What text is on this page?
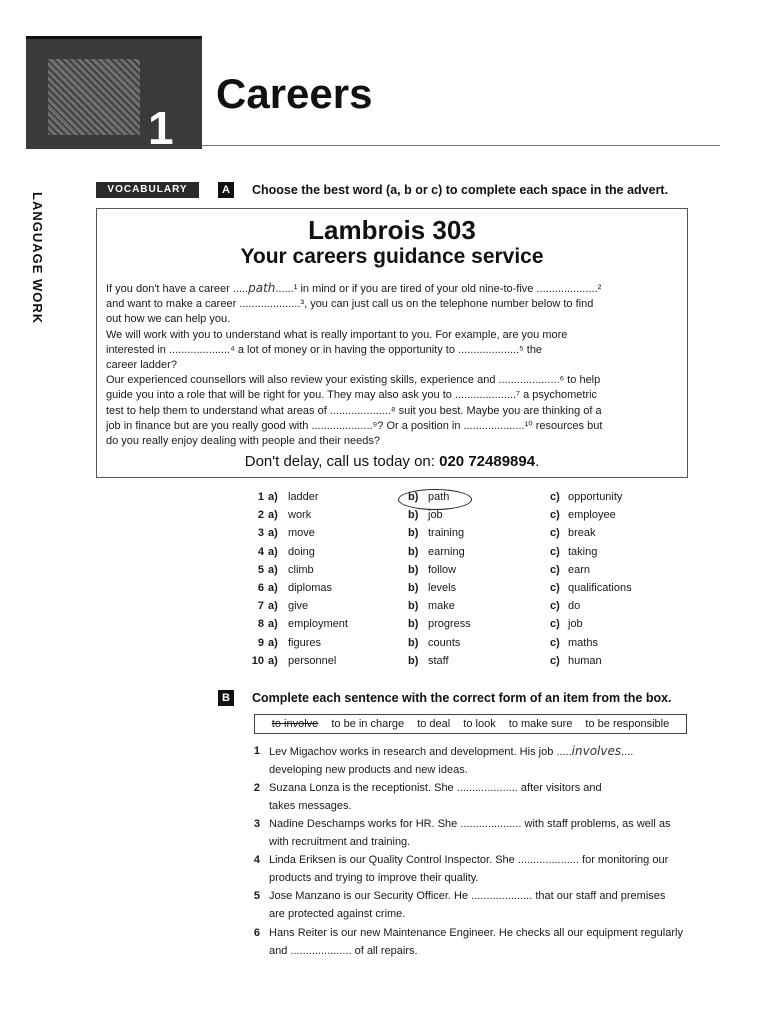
1
Careers
LANGUAGE WORK
VOCABULARY	A	Choose the best word (a, b or c) to complete each space in the advert.
Lambrois 303
Your careers guidance service
If you don't have a career .....path......¹ in mind or if you are tired of your old nine-to-five ....................²
and want to make a career ....................³, you can just call us on the telephone number below to find
out how we can help you.
We will work with you to understand what is really important to you. For example, are you more
interested in ....................⁴ a lot of money or in having the opportunity to ....................⁵ the
career ladder?
Our experienced counsellors will also review your existing skills, experience and ....................⁶ to help
guide you into a role that will be right for you. They may also ask you to ....................⁷ a psychometric
test to help them to understand what areas of ....................⁸ suit you best. Maybe you are thinking of a
job in finance but are you really good with ....................⁹? Or a position in ....................¹⁰ resources but
do you really enjoy dealing with people and their needs?
Don't delay, call us today on: 020 72489894.
1 a) ladder	b) path	c) opportunity
2 a) work	b) job	c) employee
3 a) move	b) training	c) break
4 a) doing	b) earning	c) taking
5 a) climb	b) follow	c) earn
6 a) diplomas	b) levels	c) qualifications
7 a) give	b) make	c) do
8 a) employment	b) progress	c) job
9 a) figures	b) counts	c) maths
10 a) personnel	b) staff	c) human
B	Complete each sentence with the correct form of an item from the box.
to involve to be in charge to deal to look to make sure to be responsible
1 Lev Migachov works in research and development. His job .....involves....
developing new products and new ideas.
2 Suzana Lonza is the receptionist. She .................... after visitors and
takes messages.
3 Nadine Deschamps works for HR. She .................... with staff problems, as well as
with recruitment and training.
4 Linda Eriksen is our Quality Control Inspector. She .................... for monitoring our
products and trying to improve their quality.
5 Jose Manzano is our Security Officer. He .................... that our staff and premises
are protected against crime.
6 Hans Reiter is our new Maintenance Engineer. He checks all our equipment regularly
and .................... of all repairs.
